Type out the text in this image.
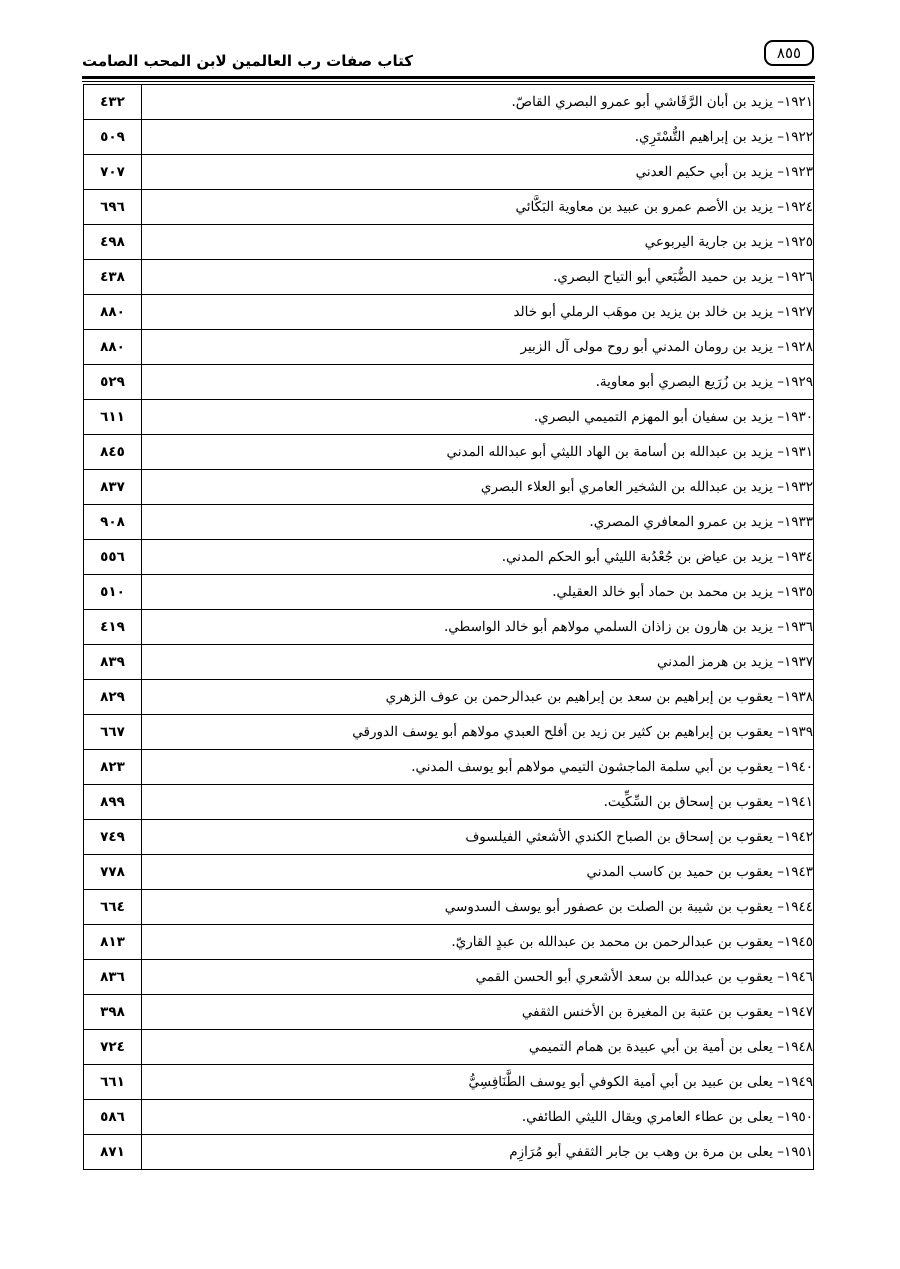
كتاب صفات رب العالمين لابن المحب الصامت	٨٥٥
١٩٢١– يزيد بن أبان الرَّقَاشي أبو عمرو البصري القاصّ.	٤٣٢
١٩٢٢– يزيد بن إبراهيم التُّسْتَرِي.	٥٠٩
١٩٢٣– يزيد بن أبي حكيم العدني	٧٠٧
١٩٢٤– يزيد بن الأصم عمرو بن عبيد بن معاوية البَكَّائي	٦٩٦
١٩٢٥– يزيد بن جارية اليربوعي	٤٩٨
١٩٢٦– يزيد بن حميد الضُّبَعي أبو التياح البصري.	٤٣٨
١٩٢٧– يزيد بن خالد بن يزيد بن موهَب الرملي أبو خالد	٨٨٠
١٩٢٨– يزيد بن رومان المدني أبو روح مولى آل الزبير	٨٨٠
١٩٢٩– يزيد بن زُرَيع البصري أبو معاوية.	٥٢٩
١٩٣٠– يزيد بن سفيان أبو المهزم التميمي البصري.	٦١١
١٩٣١– يزيد بن عبدالله بن أسامة بن الهاد الليثي أبو عبدالله المدني	٨٤٥
١٩٣٢– يزيد بن عبدالله بن الشخير العامري أبو العلاء البصري	٨٣٧
١٩٣٣– يزيد بن عمرو المعافري المصري.	٩٠٨
١٩٣٤– يزيد بن عياض بن جُعْدُبة الليثي أبو الحكم المدني.	٥٥٦
١٩٣٥– يزيد بن محمد بن حماد أبو خالد العقيلي.	٥١٠
١٩٣٦– يزيد بن هارون بن زاذان السلمي مولاهم أبو خالد الواسطي.	٤١٩
١٩٣٧– يزيد بن هرمز المدني	٨٣٩
١٩٣٨– يعقوب بن إبراهيم بن سعد بن إبراهيم بن عبدالرحمن بن عوف الزهري	٨٢٩
١٩٣٩– يعقوب بن إبراهيم بن كثير بن زيد بن أفلح العبدي مولاهم أبو يوسف الدورقي	٦٦٧
١٩٤٠– يعقوب بن أبي سلمة الماجشون التيمي مولاهم أبو يوسف المدني.	٨٢٣
١٩٤١– يعقوب بن إسحاق بن السِّكِّيت.	٨٩٩
١٩٤٢– يعقوب بن إسحاق بن الصباح الكندي الأشعثي الفيلسوف	٧٤٩
١٩٤٣– يعقوب بن حميد بن كاسب المدني	٧٧٨
١٩٤٤– يعقوب بن شيبة بن الصلت بن عصفور أبو يوسف السدوسي	٦٦٤
١٩٤٥– يعقوب بن عبدالرحمن بن محمد بن عبدالله بن عبدٍ القاريّ.	٨١٣
١٩٤٦– يعقوب بن عبدالله بن سعد الأشعري أبو الحسن القمي	٨٣٦
١٩٤٧– يعقوب بن عتبة بن المغيرة بن الأخنس الثقفي	٣٩٨
١٩٤٨– يعلى بن أمية بن أبي عبيدة بن همام التميمي	٧٢٤
١٩٤٩– يعلى بن عبيد بن أبي أمية الكوفي أبو يوسف الطَّنَافِسِيُّ	٦٦١
١٩٥٠– يعلى بن عطاء العامري ويقال الليثي الطائفي.	٥٨٦
١٩٥١– يعلى بن مرة بن وهب بن جابر الثقفي أبو مُرَازِم	٨٧١
